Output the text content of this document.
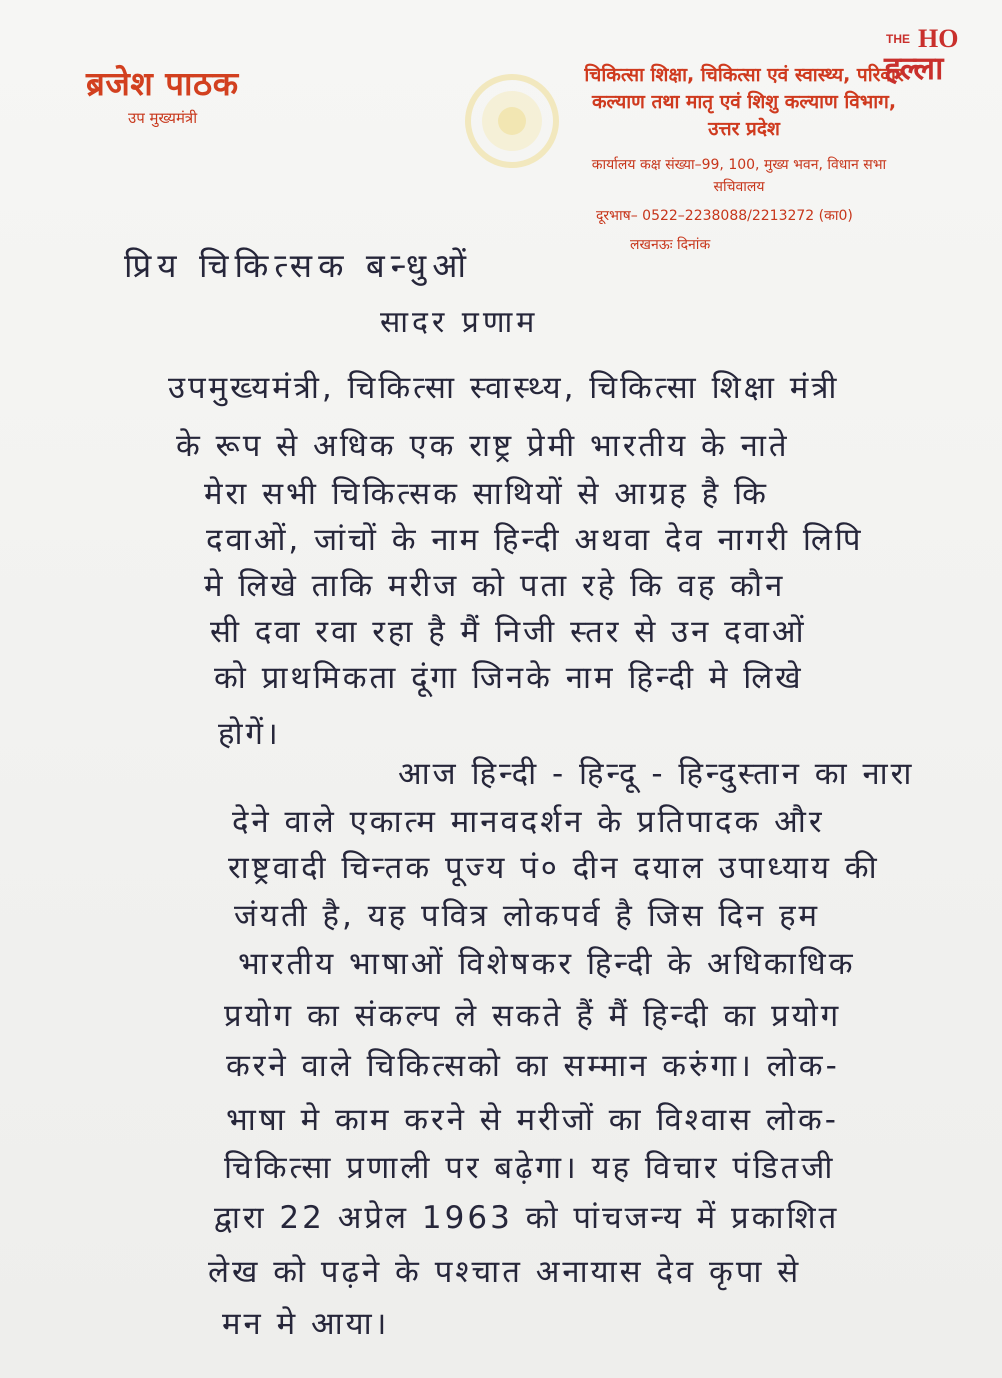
ब्रजेश पाठक
उप मुख्यमंत्री
चिकित्सा शिक्षा, चिकित्सा एवं स्वास्थ्य, परिवार कल्याण तथा मातृ एवं शिशु कल्याण विभाग, उत्तर प्रदेश
कार्यालय कक्ष संख्या–99, 100, मुख्य भवन, विधान सभा सचिवालय
दूरभाष– 0522–2238088/2213272 (का0)
लखनऊः दिनांक
THE HO
हल्ला
प्रिय चिकित्सक बन्धुओं
सादर प्रणाम
उपमुख्यमंत्री, चिकित्सा स्वास्थ्य, चिकित्सा शिक्षा मंत्री
के रूप से अधिक एक राष्ट्र प्रेमी भारतीय के नाते
मेरा सभी चिकित्सक साथियों से आग्रह है कि
दवाओं, जांचों के नाम हिन्दी अथवा देव नागरी लिपि
मे लिखे ताकि मरीज को पता रहे कि वह कौन
सी दवा रवा रहा है मैं निजी स्तर से उन दवाओं
को प्राथमिकता दूंगा जिनके नाम हिन्दी मे लिखे
होगें।
आज हिन्दी - हिन्दू - हिन्दुस्तान का नारा
देने वाले एकात्म मानवदर्शन के प्रतिपादक और
राष्ट्रवादी चिन्तक पूज्य पं० दीन दयाल उपाध्याय की
जंयती है, यह पवित्र लोकपर्व है जिस दिन हम
भारतीय भाषाओं विशेषकर हिन्दी के अधिकाधिक
प्रयोग का संकल्प ले सकते हैं मैं हिन्दी का प्रयोग
करने वाले चिकित्सको का सम्मान करुंगा। लोक-
भाषा मे काम करने से मरीजों का विश्वास लोक-
चिकित्सा प्रणाली पर बढ़ेगा। यह विचार पंडितजी
द्वारा 22 अप्रेल 1963 को पांचजन्य में प्रकाशित
लेख को पढ़ने के पश्चात अनायास देव कृपा से
मन मे आया।
